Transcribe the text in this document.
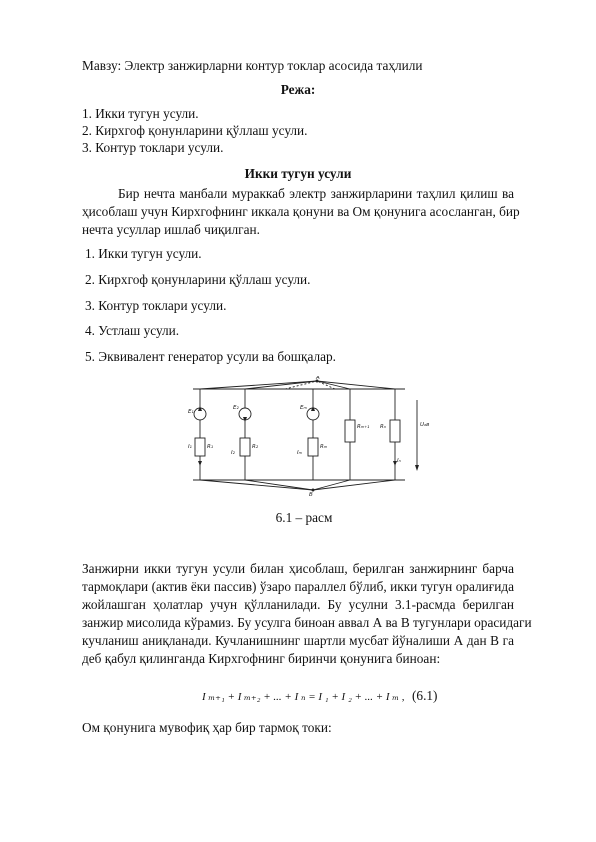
Мавзу: Электр занжирларни контур токлар асосида таҳлили
Режа:
1. Икки тугун усули.
2. Кирхгоф қонунларини қўллаш усули.
3. Контур токлари усули.
Икки тугун усули
Бир нечта манбали мураккаб электр занжирларини таҳлил қилиш ва
ҳисоблаш учун Кирхгофнинг иккала қонуни ва Ом қонунига асосланган, бир
нечта усуллар ишлаб чиқилган.
1. Икки тугун усули.
2. Кирхгоф қонунларини қўллаш усули.
3. Контур токлари усули.
4. Устлаш усули.
5. Эквивалент генератор усули ва бошқалар.
A
B
E₁
E₂	Eₘ
R₁	R₂	Rₘ
Rₘ₊₁ Rₙ
I₁
I₂	Iₘ
Iₙ
Uₐв
6.1 – расм
Занжирни икки тугун усули билан ҳисоблаш, берилган занжирнинг барча
тармоқлари (актив ёки пассив) ўзаро параллел бўлиб, икки тугун оралиғида
жойлашган ҳолатлар учун қўлланилади. Бу усулни 3.1-расмда берилган
занжир мисолида кўрамиз. Бу усулга биноан аввал А ва В тугунлари орасидаги
кучланиш аниқланади. Кучланишнинг шартли мусбат йўналиши А дан В га
деб қабул қилинганда Кирхгофнинг биринчи қонунига биноан:
I ₘ₊₁ + I ₘ₊₂ + ... + I ₙ = I ₁ + I ₂ + ... + I ₘ , (6.1)
Ом қонунига мувофиқ ҳар бир тармоқ токи:
